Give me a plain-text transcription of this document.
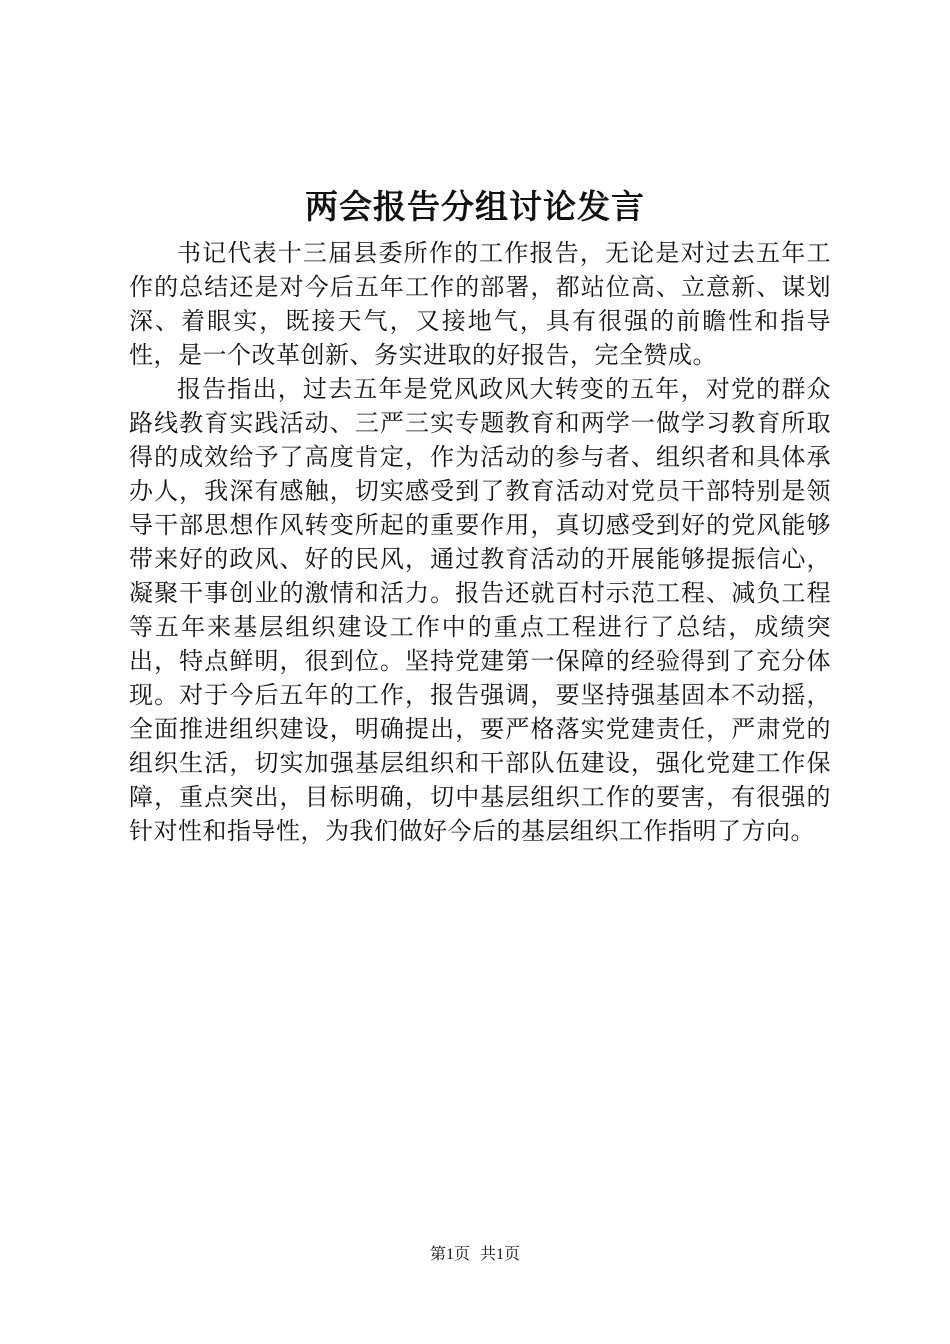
两会报告分组讨论发言

书记代表十三届县委所作的工作报告，无论是对过去五年工作的总结还是对今后五年工作的部署，都站位高、立意新、谋划深、着眼实，既接天气，又接地气，具有很强的前瞻性和指导性，是一个改革创新、务实进取的好报告，完全赞成。

报告指出，过去五年是党风政风大转变的五年，对党的群众路线教育实践活动、三严三实专题教育和两学一做学习教育所取得的成效给予了高度肯定，作为活动的参与者、组织者和具体承办人，我深有感触，切实感受到了教育活动对党员干部特别是领导干部思想作风转变所起的重要作用，真切感受到好的党风能够带来好的政风、好的民风，通过教育活动的开展能够提振信心，凝聚干事创业的激情和活力。报告还就百村示范工程、减负工程等五年来基层组织建设工作中的重点工程进行了总结，成绩突出，特点鲜明，很到位。坚持党建第一保障的经验得到了充分体现。对于今后五年的工作，报告强调，要坚持强基固本不动摇，全面推进组织建设，明确提出，要严格落实党建责任，严肃党的组织生活，切实加强基层组织和干部队伍建设，强化党建工作保障，重点突出，目标明确，切中基层组织工作的要害，有很强的针对性和指导性，为我们做好今后的基层组织工作指明了方向。

第1页 共1页
